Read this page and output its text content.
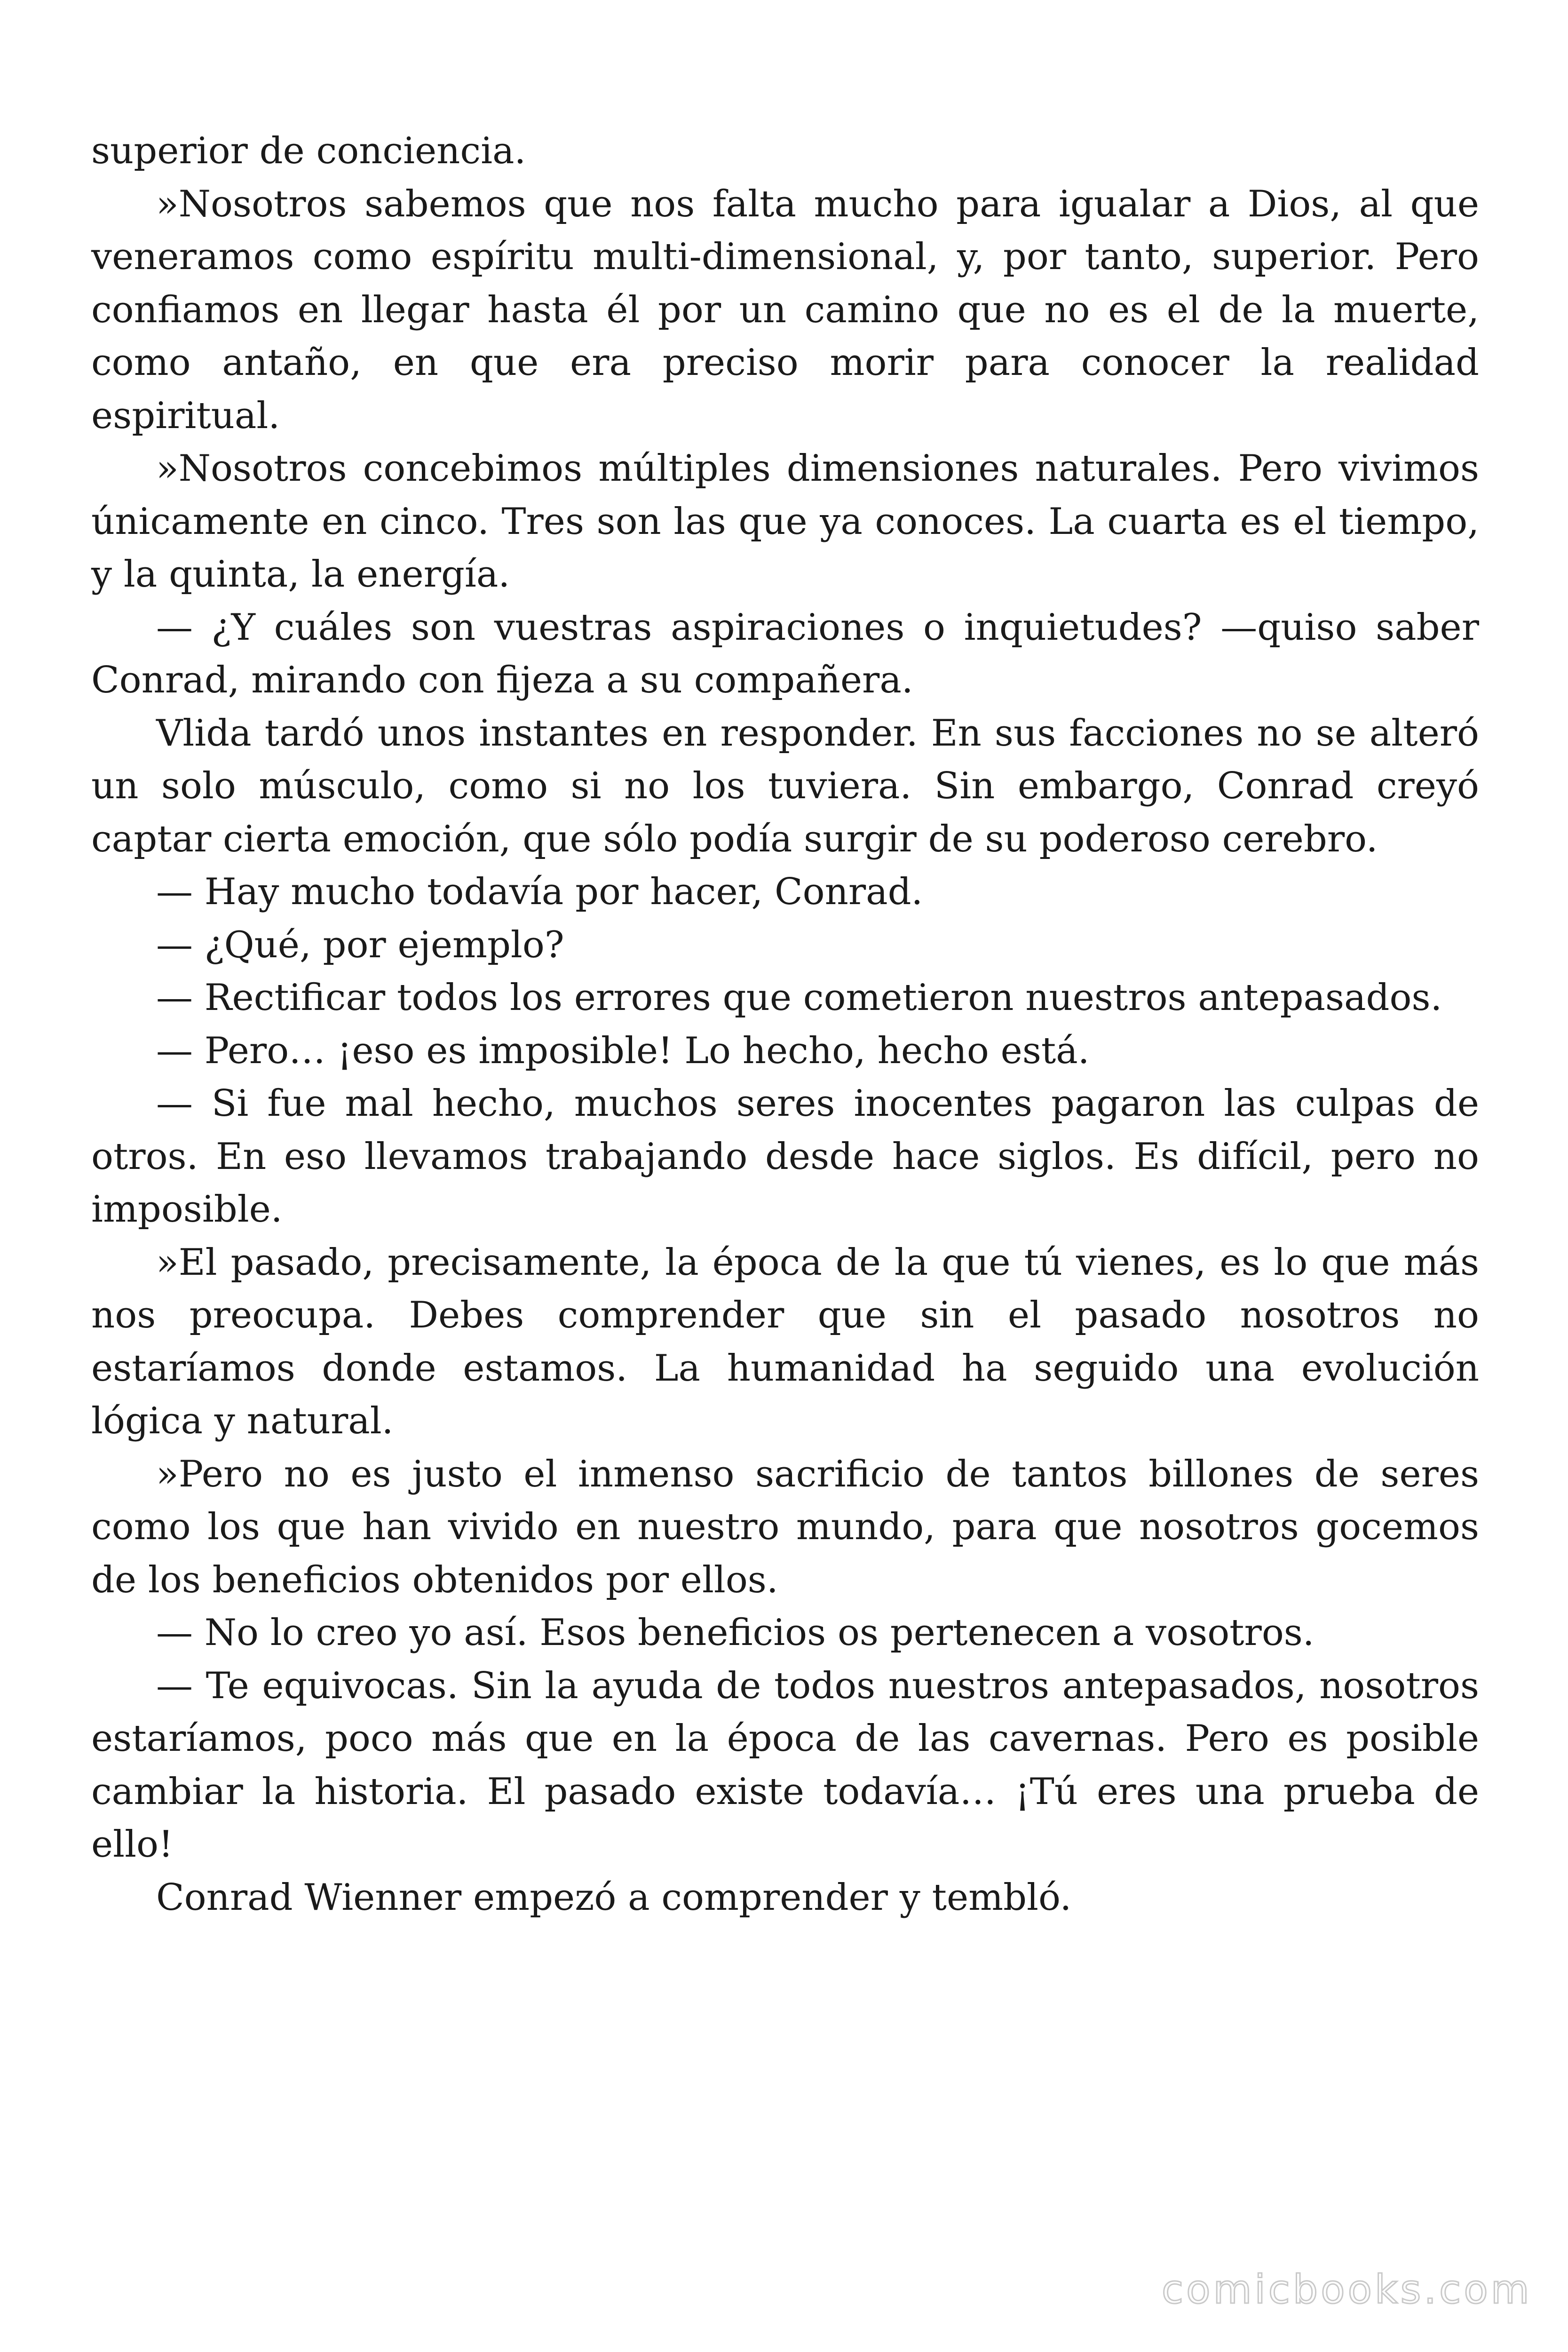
superior de conciencia.

»Nosotros sabemos que nos falta mucho para igualar a Dios, al que veneramos como espíritu multi-dimensional, y, por tanto, superior. Pero confiamos en llegar hasta él por un camino que no es el de la muerte, como antaño, en que era preciso morir para conocer la realidad espiritual.

»Nosotros concebimos múltiples dimensiones naturales. Pero vivimos únicamente en cinco. Tres son las que ya conoces. La cuarta es el tiempo, y la quinta, la energía.

— ¿Y cuáles son vuestras aspiraciones o inquietudes? —quiso saber Conrad, mirando con fijeza a su compañera.

Vlida tardó unos instantes en responder. En sus facciones no se alteró un solo músculo, como si no los tuviera. Sin embargo, Conrad creyó captar cierta emoción, que sólo podía surgir de su poderoso cerebro.

— Hay mucho todavía por hacer, Conrad.

— ¿Qué, por ejemplo?

— Rectificar todos los errores que cometieron nuestros antepasados.

— Pero… ¡eso es imposible! Lo hecho, hecho está.

— Si fue mal hecho, muchos seres inocentes pagaron las culpas de otros. En eso llevamos trabajando desde hace siglos. Es difícil, pero no imposible.

»El pasado, precisamente, la época de la que tú vienes, es lo que más nos preocupa. Debes comprender que sin el pasado nosotros no estaríamos donde estamos. La humanidad ha seguido una evolución lógica y natural.

»Pero no es justo el inmenso sacrificio de tantos billones de seres como los que han vivido en nuestro mundo, para que nosotros gocemos de los beneficios obtenidos por ellos.

— No lo creo yo así. Esos beneficios os pertenecen a vosotros.

— Te equivocas. Sin la ayuda de todos nuestros antepasados, nosotros estaríamos, poco más que en la época de las cavernas. Pero es posible cambiar la historia. El pasado existe todavía… ¡Tú eres una prueba de ello!

Conrad Wienner empezó a comprender y tembló.

comicbooks.com
